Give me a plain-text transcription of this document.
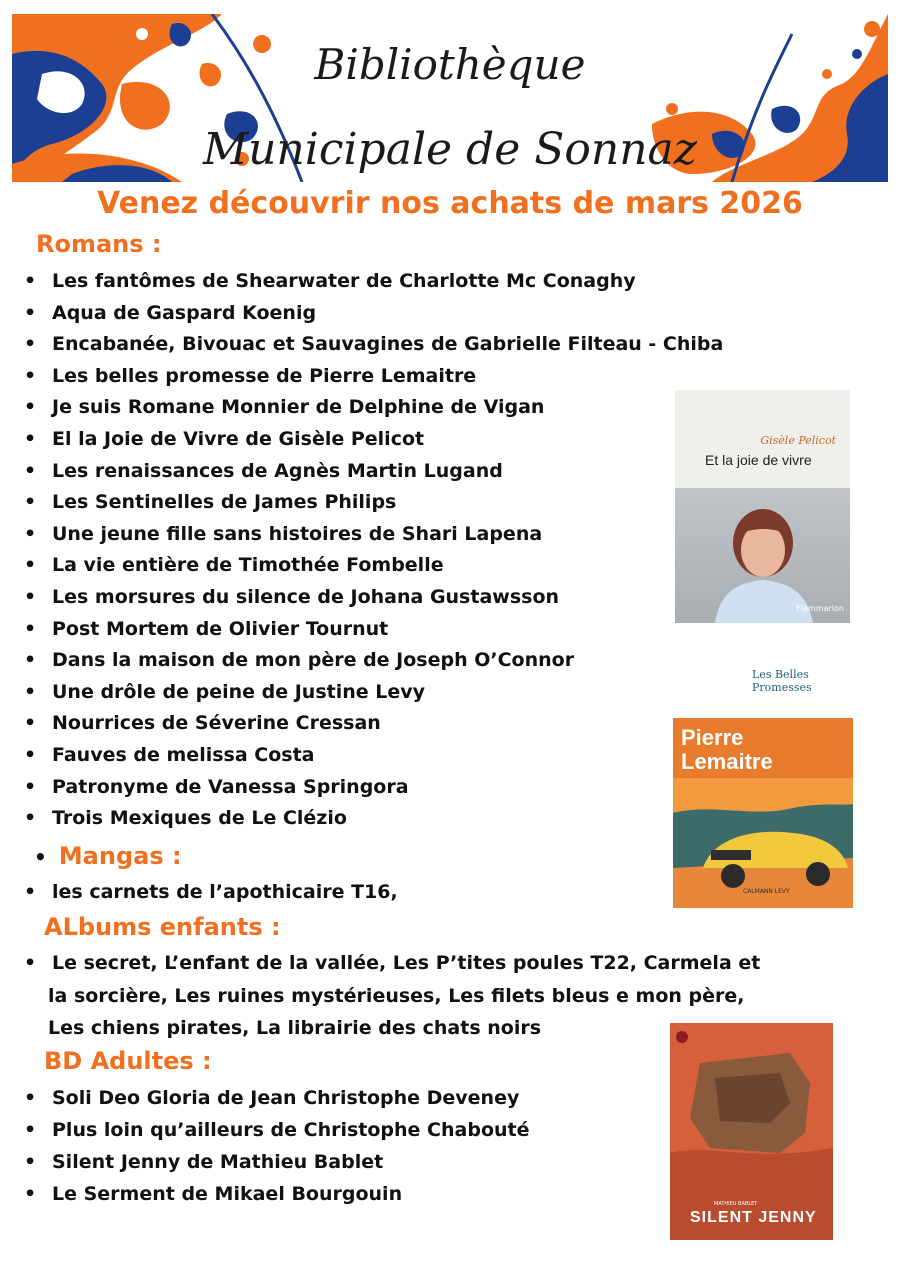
Bibliothèque
Municipale de Sonnaz
Venez découvrir nos achats de mars 2026
Romans :
• Les fantômes de Shearwater de Charlotte Mc Conaghy
• Aqua de Gaspard Koenig
• Encabanée, Bivouac et Sauvagines de Gabrielle Filteau - Chiba
• Les belles promesse de Pierre Lemaitre
• Je suis Romane Monnier de Delphine de Vigan
• El la Joie de Vivre de Gisèle Pelicot
• Les renaissances de Agnès Martin Lugand
• Les Sentinelles de James Philips
• Une jeune fille sans histoires de Shari Lapena
• La vie entière de Timothée Fombelle
• Les morsures du silence de Johana Gustawsson
• Post Mortem de Olivier Tournut
• Dans la maison de mon père de Joseph O’Connor
• Une drôle de peine de Justine Levy
• Nourrices de Séverine Cressan
• Fauves de melissa Costa
• Patronyme de Vanessa Springora
• Trois Mexiques de Le Clézio
• Mangas :
• les carnets de l’apothicaire T16,
ALbums enfants :
• Le secret, L’enfant de la vallée, Les P’tites poules T22, Carmela et
la sorcière, Les ruines mystérieuses, Les filets bleus e mon père,
Les chiens pirates, La librairie des chats noirs
BD Adultes :
• Soli Deo Gloria de Jean Christophe Deveney
• Plus loin qu’ailleurs de Christophe Chabouté
• Silent Jenny de Mathieu Bablet
• Le Serment de Mikael Bourgouin
Gisèle Pelicot
Et la joie de vivre
Flammarion
Les Belles Promesses
Pierre
Lemaitre
CALMANN LEVY
MATHIEU BABLET
SILENT JENNY
